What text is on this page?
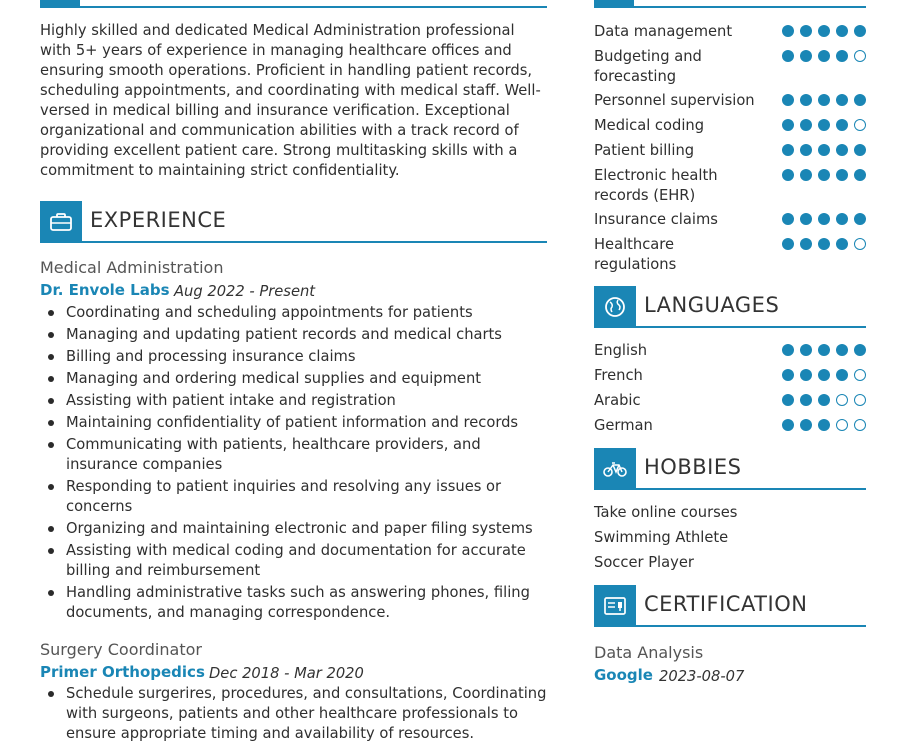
Highly skilled and dedicated Medical Administration professional with 5+ years of experience in managing healthcare offices and ensuring smooth operations. Proficient in handling patient records, scheduling appointments, and coordinating with medical staff. Well-versed in medical billing and insurance verification. Exceptional organizational and communication abilities with a track record of providing excellent patient care. Strong multitasking skills with a commitment to maintaining strict confidentiality.

EXPERIENCE
Medical Administration
Dr. Envole Labs Aug 2022 - Present
Coordinating and scheduling appointments for patients
Managing and updating patient records and medical charts
Billing and processing insurance claims
Managing and ordering medical supplies and equipment
Assisting with patient intake and registration
Maintaining confidentiality of patient information and records
Communicating with patients, healthcare providers, and insurance companies
Responding to patient inquiries and resolving any issues or concerns
Organizing and maintaining electronic and paper filing systems
Assisting with medical coding and documentation for accurate billing and reimbursement
Handling administrative tasks such as answering phones, filing documents, and managing correspondence.
Surgery Coordinator
Primer Orthopedics Dec 2018 - Mar 2020
Schedule surgerires, procedures, and consultations, Coordinating with surgeons, patients and other healthcare professionals to ensure appropriate timing and availability of resources.
Data management
Budgeting and forecasting
Personnel supervision
Medical coding
Patient billing
Electronic health records (EHR)
Insurance claims
Healthcare regulations
LANGUAGES
English
French
Arabic
German
HOBBIES
Take online courses
Swimming Athlete
Soccer Player
CERTIFICATION
Data Analysis
Google 2023-08-07
